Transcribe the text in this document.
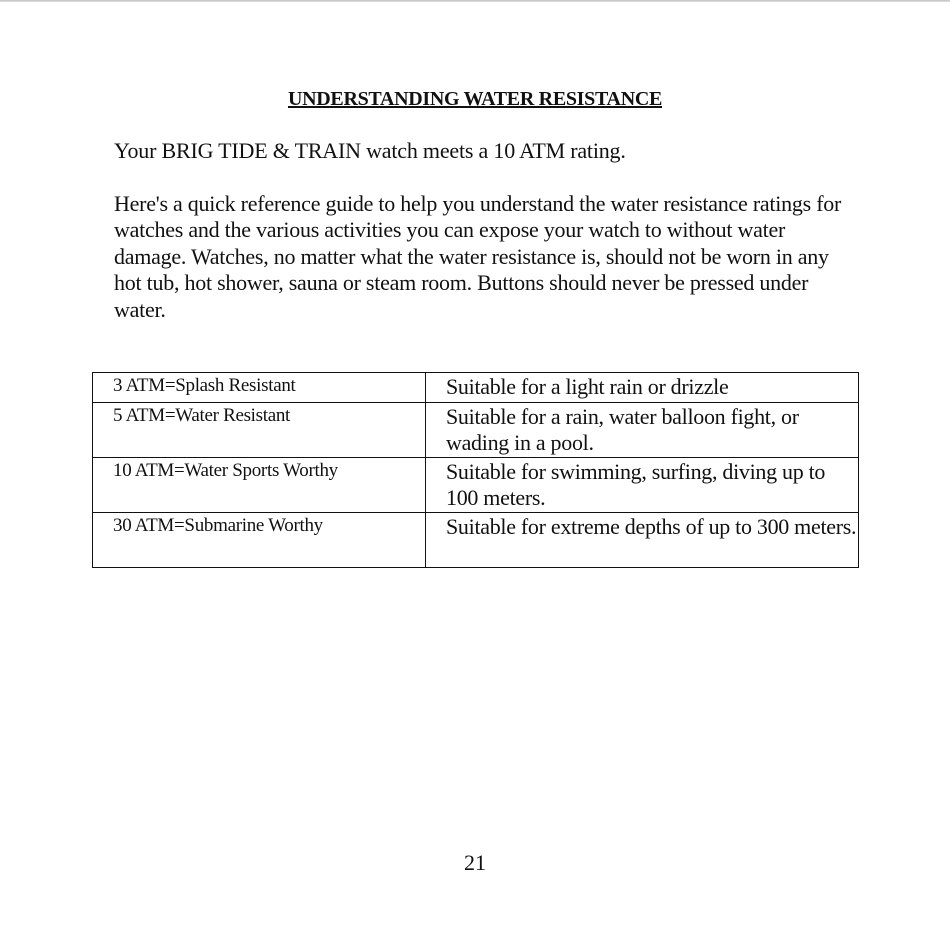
UNDERSTANDING WATER RESISTANCE
Your BRIG TIDE & TRAIN watch meets a 10 ATM rating.
Here's a quick reference guide to help you understand the water resistance ratings for watches and the various activities you can expose your watch to without water damage. Watches, no matter what the water resistance is, should not be worn in any hot tub, hot shower, sauna or steam room. Buttons should never be pressed under water.
3 ATM=Splash Resistant	Suitable for a light rain or drizzle
5 ATM=Water Resistant	Suitable for a rain, water balloon fight, or wading in a pool.
10 ATM=Water Sports Worthy	Suitable for swimming, surfing, diving up to 100 meters.
30 ATM=Submarine Worthy	Suitable for extreme depths of up to 300 meters.
21
